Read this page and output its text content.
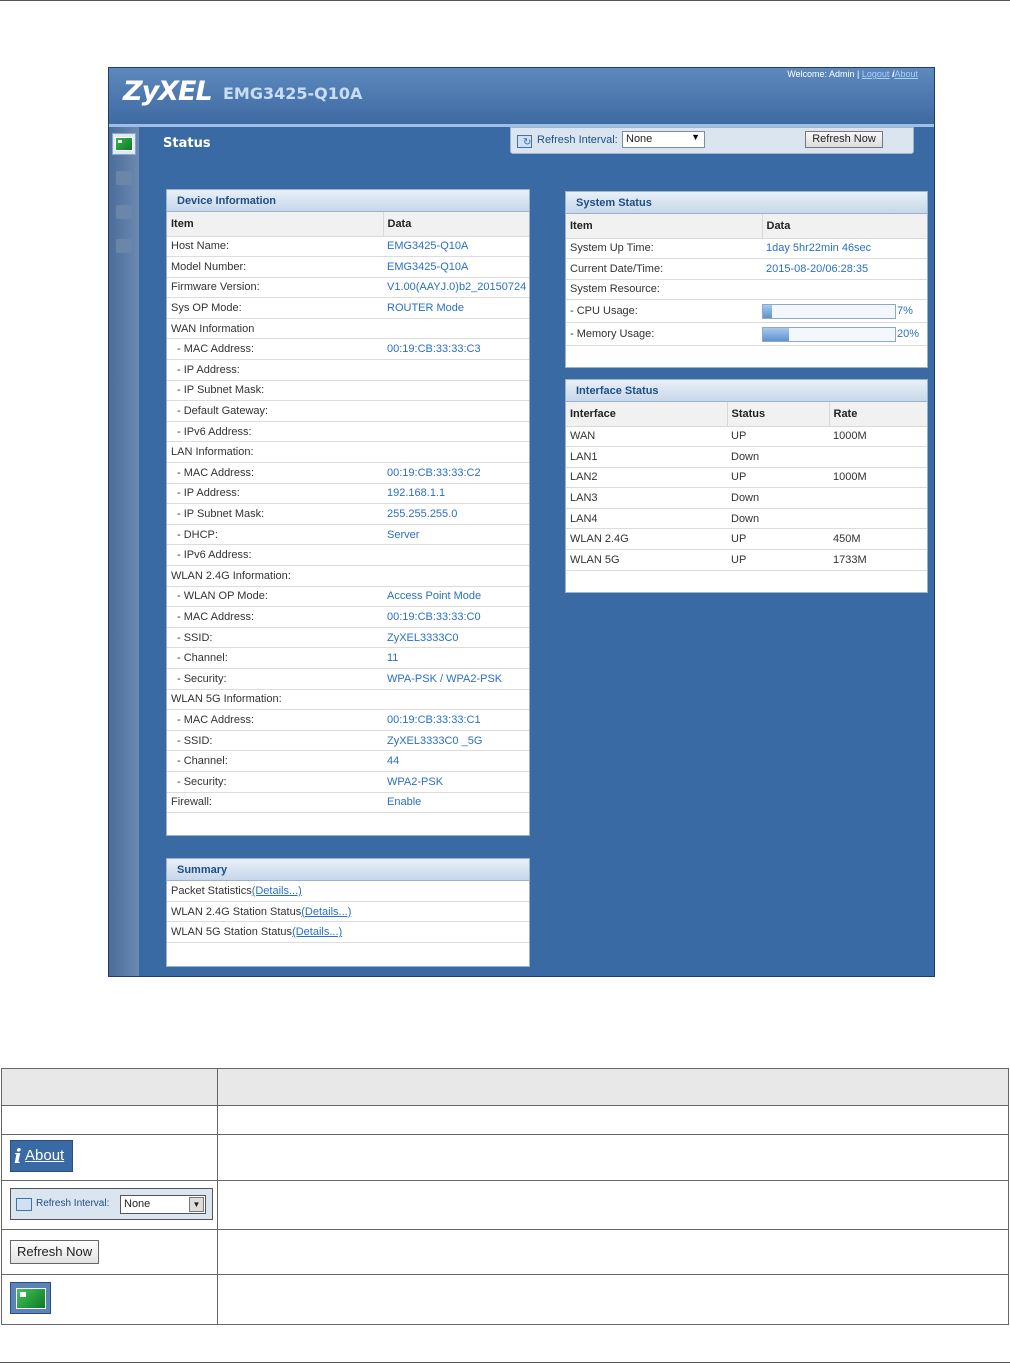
ZyXEL EMG3425-Q10A
Welcome: Admin | Logout iAbout
Status ↻	Refresh Interval: None	▼	Refresh Now
Device Information
Item	Data
Host Name:	EMG3425-Q10A
Model Number:	EMG3425-Q10A
Firmware Version:	V1.00(AAYJ.0)b2_20150724
Sys OP Mode:	ROUTER Mode
WAN Information	
- MAC Address:	00:19:CB:33:33:C3
- IP Address:	
- IP Subnet Mask:	
- Default Gateway:	
- IPv6 Address:	
LAN Information:	
- MAC Address:	00:19:CB:33:33:C2
- IP Address:	192.168.1.1
- IP Subnet Mask:	255.255.255.0
- DHCP:	Server
- IPv6 Address:	
WLAN 2.4G Information:	
- WLAN OP Mode:	Access Point Mode
- MAC Address:	00:19:CB:33:33:C0
- SSID:	ZyXEL3333C0
- Channel:	11
- Security:	WPA-PSK / WPA2-PSK
WLAN 5G Information:	
- MAC Address:	00:19:CB:33:33:C1
- SSID:	ZyXEL3333C0 _5G
- Channel:	44
- Security:	WPA2-PSK
Firewall:	Enable
System Status
Item	Data
System Up Time:	1day 5hr22min 46sec
Current Date/Time:	2015-08-20/06:28:35
System Resource:	
- CPU Usage:	7%
- Memory Usage:	20%
Interface Status
Interface	Status	Rate
WAN	UP	1000M
LAN1	Down	
LAN2	UP	1000M
LAN3	Down	
LAN4	Down	
WLAN 2.4G	UP	450M
WLAN 5G	UP	1733M
Summary
Packet Statistics(Details...)
WLAN 2.4G Station Status(Details...)
WLAN 5G Station Status(Details...)

i About	

Refresh Interval: None ▼	

Refresh Now	
